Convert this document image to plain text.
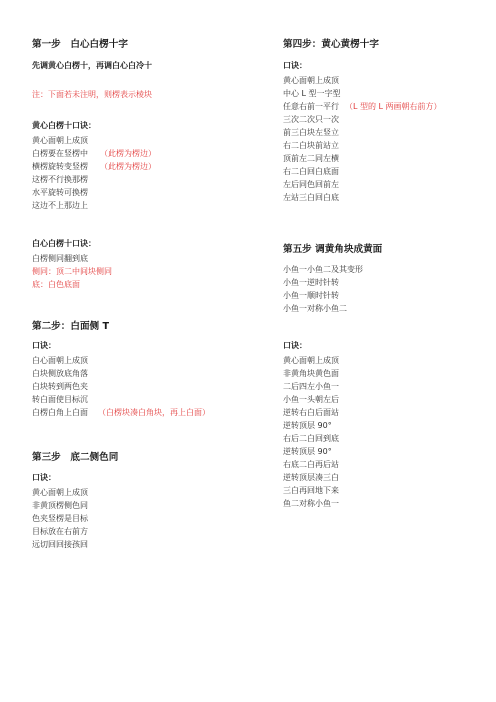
第一步　白心白楞十字
先调黄心白楞十，再调白心白冷十
注：下面若未注明，则楞表示棱块
黄心白楞十口诀：
黄心面朝上成顶
白楞要在竖楞中 （此楞为楞边）
横楞旋转变竖楞 （此楞为楞边）
这楞不行换那楞
水平旋转可换楞
这边不上那边上
白心白楞十口诀：
白楞侧同翻到底
侧同：顶二中间块侧同
底：白色底面
第二步：白面侧 T
口诀：
白心面朝上成顶
白块侧放底角落
白块转到两色夹
转白面使目标沉
白楞白角上白面 （白楞块凑白角块，再上白面）
第三步　底二侧色同
口诀：
黄心面朝上成顶
非黄顶楞侧色同
色夹竖楞是目标
目标放在右前方
远切回回接孩回
第四步：黄心黄楞十字
口诀：
黄心面朝上成顶
中心 L 型一字型
任意右前一平行 （L 型的 L 两画朝右前方）
三次二次只一次
前三白块左竖立
右二白块前站立
顶前左二同左横
右二白回白底面
左后同色回前左
左站三白回白底
第五步 调黄角块成黄面
小鱼一小鱼二及其变形
小鱼一逆时针转
小鱼一顺时针转
小鱼一对称小鱼二
口诀：
黄心面朝上成顶
非黄角块黄色面
二后四左小鱼一
小鱼一头朝左后
逆转右白后面站
逆转顶层 90°
右后二白回到底
逆转顶层 90°
右底二白再后站
逆转顶层凑三白
三白再回地下来
鱼二对称小鱼一
